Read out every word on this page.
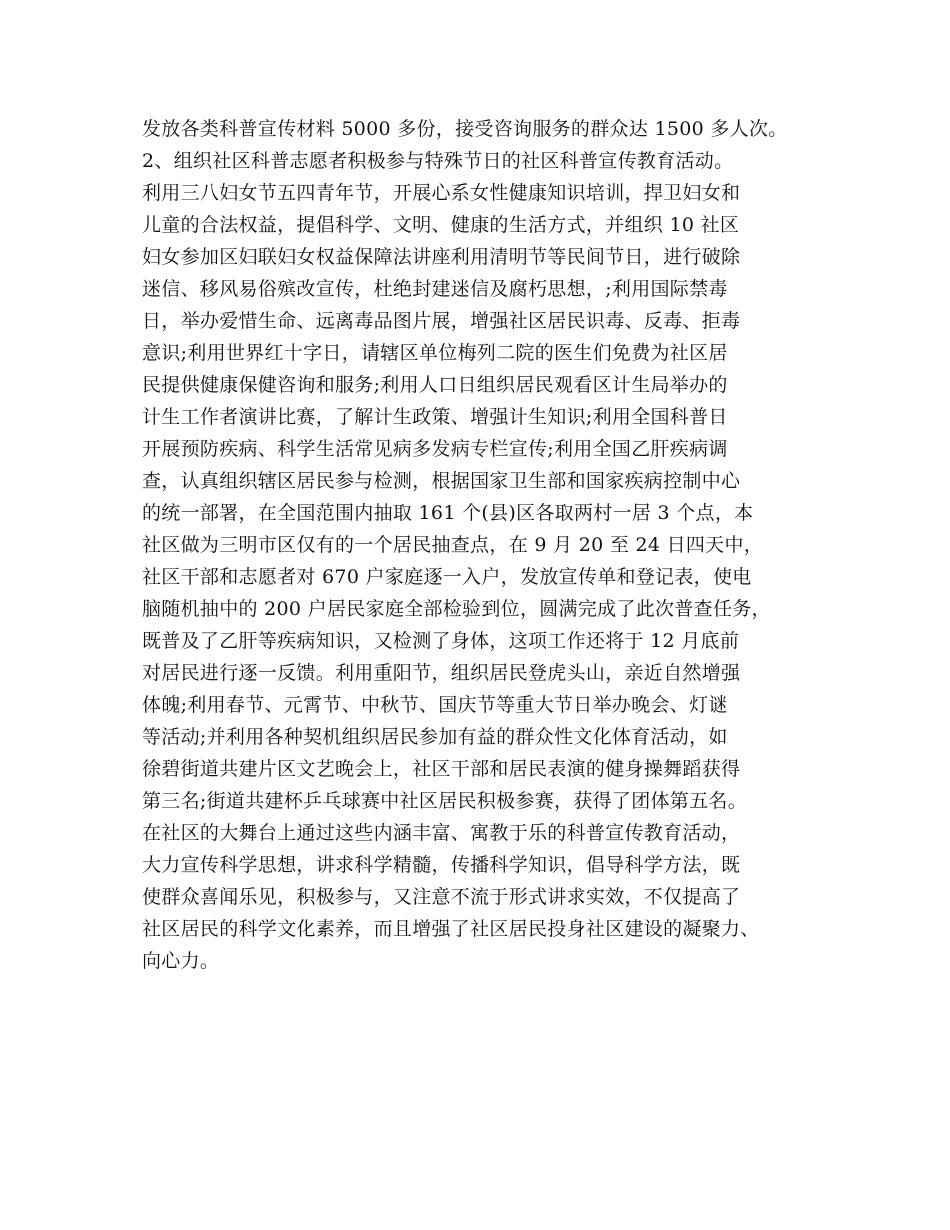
发放各类科普宣传材料 5000 多份，接受咨询服务的群众达 1500 多人次。
2、组织社区科普志愿者积极参与特殊节日的社区科普宣传教育活动。
利用三八妇女节五四青年节，开展心系女性健康知识培训，捍卫妇女和
儿童的合法权益，提倡科学、文明、健康的生活方式，并组织 10 社区
妇女参加区妇联妇女权益保障法讲座利用清明节等民间节日，进行破除
迷信、移风易俗殡改宣传，杜绝封建迷信及腐朽思想，;利用国际禁毒
日，举办爱惜生命、远离毒品图片展，增强社区居民识毒、反毒、拒毒
意识;利用世界红十字日，请辖区单位梅列二院的医生们免费为社区居
民提供健康保健咨询和服务;利用人口日组织居民观看区计生局举办的
计生工作者演讲比赛，了解计生政策、增强计生知识;利用全国科普日
开展预防疾病、科学生活常见病多发病专栏宣传;利用全国乙肝疾病调
查，认真组织辖区居民参与检测，根据国家卫生部和国家疾病控制中心
的统一部署，在全国范围内抽取 161 个(县)区各取两村一居 3 个点，本
社区做为三明市区仅有的一个居民抽查点，在 9 月 20 至 24 日四天中，
社区干部和志愿者对 670 户家庭逐一入户，发放宣传单和登记表，使电
脑随机抽中的 200 户居民家庭全部检验到位，圆满完成了此次普查任务，
既普及了乙肝等疾病知识，又检测了身体，这项工作还将于 12 月底前
对居民进行逐一反馈。利用重阳节，组织居民登虎头山，亲近自然增强
体魄;利用春节、元霄节、中秋节、国庆节等重大节日举办晚会、灯谜
等活动;并利用各种契机组织居民参加有益的群众性文化体育活动，如
徐碧街道共建片区文艺晚会上，社区干部和居民表演的健身操舞蹈获得
第三名;街道共建杯乒乓球赛中社区居民积极参赛，获得了团体第五名。
在社区的大舞台上通过这些内涵丰富、寓教于乐的科普宣传教育活动，
大力宣传科学思想，讲求科学精髓，传播科学知识，倡导科学方法，既
使群众喜闻乐见，积极参与，又注意不流于形式讲求实效，不仅提高了
社区居民的科学文化素养，而且增强了社区居民投身社区建设的凝聚力、
向心力。
